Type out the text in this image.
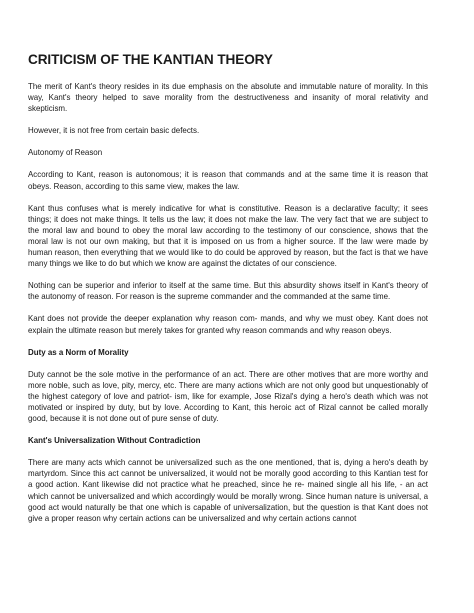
CRITICISM OF THE KANTIAN THEORY

The merit of Kant's theory resides in its due emphasis on the absolute and immutable nature of morality. In this way, Kant's theory helped to save morality from the destructiveness and insanity of moral relativity and skepticism.

However, it is not free from certain basic defects.

Autonomy of Reason

According to Kant, reason is autonomous; it is reason that commands and at the same time it is reason that obeys. Reason, according to this same view, makes the law.

Kant thus confuses what is merely indicative for what is constitutive. Reason is a declarative faculty; it sees things; it does not make things. It tells us the law; it does not make the law. The very fact that we are subject to the moral law and bound to obey the moral law according to the testimony of our conscience, shows that the moral law is not our own making, but that it is imposed on us from a higher source. If the law were made by human reason, then everything that we would like to do could be approved by reason, but the fact is that we have many things we like to do but which we know are against the dictates of our conscience.

Nothing can be superior and inferior to itself at the same time. But this absurdity shows itself in Kant's theory of the autonomy of reason. For reason is the supreme commander and the commanded at the same time.

Kant does not provide the deeper explanation why reason com- mands, and why we must obey. Kant does not explain the ultimate reason but merely takes for granted why reason commands and why reason obeys.

Duty as a Norm of Morality

Duty cannot be the sole motive in the performance of an act. There are other motives that are more worthy and more noble, such as love, pity, mercy, etc. There are many actions which are not only good but unquestionably of the highest category of love and patriot- ism, like for example, Jose Rizal's dying a hero's death which was not motivated or inspired by duty, but by love. According to Kant, this heroic act of Rizal cannot be called morally good, because it is not done out of pure sense of duty.

Kant's Universalization Without Contradiction

There are many acts which cannot be universalized such as the one mentioned, that is, dying a hero's death by martyrdom. Since this act cannot be universalized, it would not be morally good according to this Kantian test for a good action. Kant likewise did not practice what he preached, since he re- mained single all his life, - an act which cannot be universalized and which accordingly would be morally wrong. Since human nature is universal, a good act would naturally be that one which is capable of universalization, but the question is that Kant does not give a proper reason why certain actions can be universalized and why certain actions cannot
